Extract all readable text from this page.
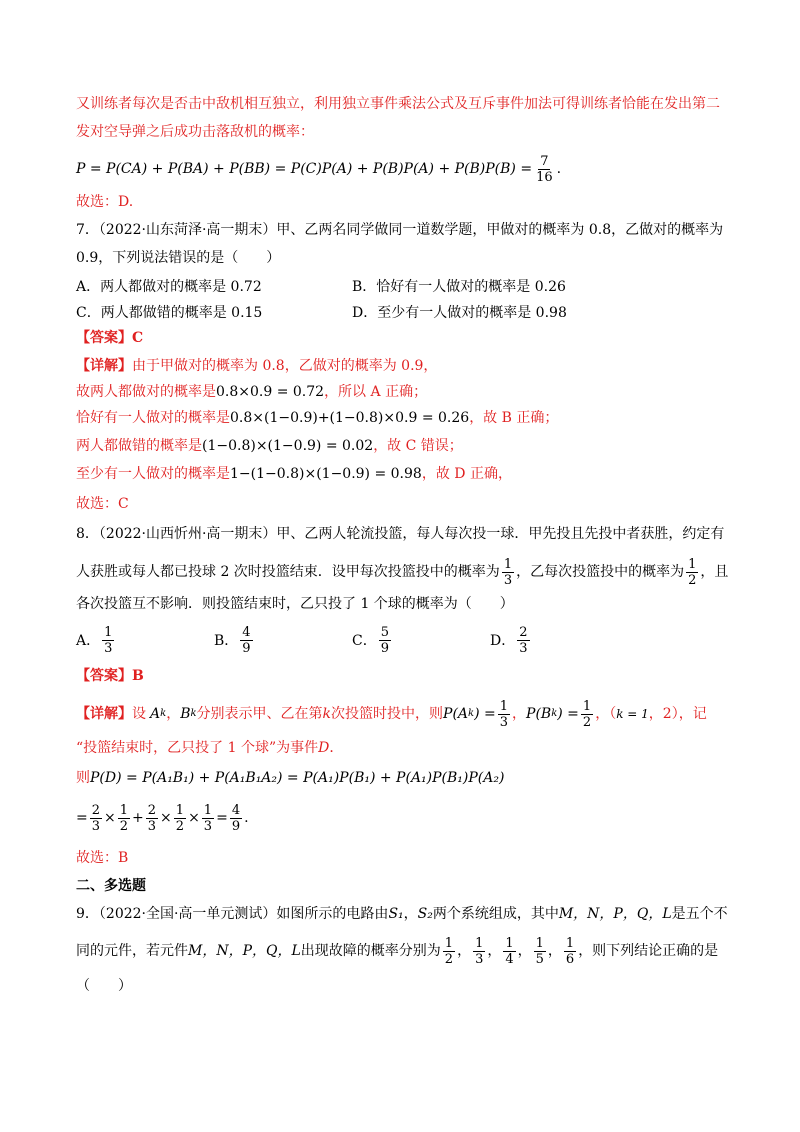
又训练者每次是否击中敌机相互独立，利用独立事件乘法公式及互斥事件加法可得训练者恰能在发出第二
发对空导弹之后成功击落敌机的概率：
$P = P(CA) + P(BA) + P(BB) = P(C)P(A) + P(B)P(A) + P(B)P(B) = \frac{7}{16}$ .
故选：D.
7．（2022·山东菏泽·高一期末）甲、乙两名同学做同一道数学题，甲做对的概率为 0.8，乙做对的概率为
0.9，下列说法错误的是（　　）
A．两人都做对的概率是 0.72	B．恰好有一人做对的概率是 0.26
C．两人都做错的概率是 0.15	D．至少有一人做对的概率是 0.98
【答案】C
【详解】由于甲做对的概率为 0.8，乙做对的概率为 0.9，
故两人都做对的概率是0.8×0.9 = 0.72，所以 A 正确；
恰好有一人做对的概率是0.8×(1−0.9)+(1−0.8)×0.9 = 0.26，故 B 正确；
两人都做错的概率是(1−0.8)×(1−0.9) = 0.02，故 C 错误；
至少有一人做对的概率是1−(1−0.8)×(1−0.9) = 0.98，故 D 正确，
故选：C
8．（2022·山西忻州·高一期末）甲、乙两人轮流投篮，每人每次投一球．甲先投且先投中者获胜，约定有
人获胜或每人都已投球 2 次时投篮结束．设甲每次投篮投中的概率为 $\frac{1}{3}$ ，乙每次投篮投中的概率为 $\frac{1}{2}$ ，且
各次投篮互不影响．则投篮结束时，乙只投了 1 个球的概率为（　　）
A． $\frac{1}{3}$	B． $\frac{4}{9}$	C． $\frac{5}{9}$	D． $\frac{2}{3}$
【答案】B
【详解】 设 A k ， B k 分别表示甲、乙在第 k 次投篮时投中，则 P(A k ) = $\frac{1}{3}$ ， P(B k ) = $\frac{1}{2}$ ，（ k = 1 ，2），记
“投篮结束时，乙只投了 1 个球”为事件D．
则P(D) = P(A₁B₁) + P(A₁B₁A₂) = P(A₁)P(B₁) + P(A₁)P(B₁)P(A₂)
= $\frac{2}{3} \times \frac{1}{2} + \frac{2}{3} \times \frac{1}{2} \times \frac{1}{3} = \frac{4}{9}$ .
故选：B
二、多选题
9．（2022·全国·高一单元测试）如图所示的电路由S₁，S₂两个系统组成，其中M，N，P，Q，L是五个不
同的元件，若元件 M，N，P，Q，L 出现故障的概率分别为 $\frac{1}{2}$ ， $\frac{1}{3}$ ， $\frac{1}{4}$ ， $\frac{1}{5}$ ， $\frac{1}{6}$ ，则下列结论正确的是
（　　）
